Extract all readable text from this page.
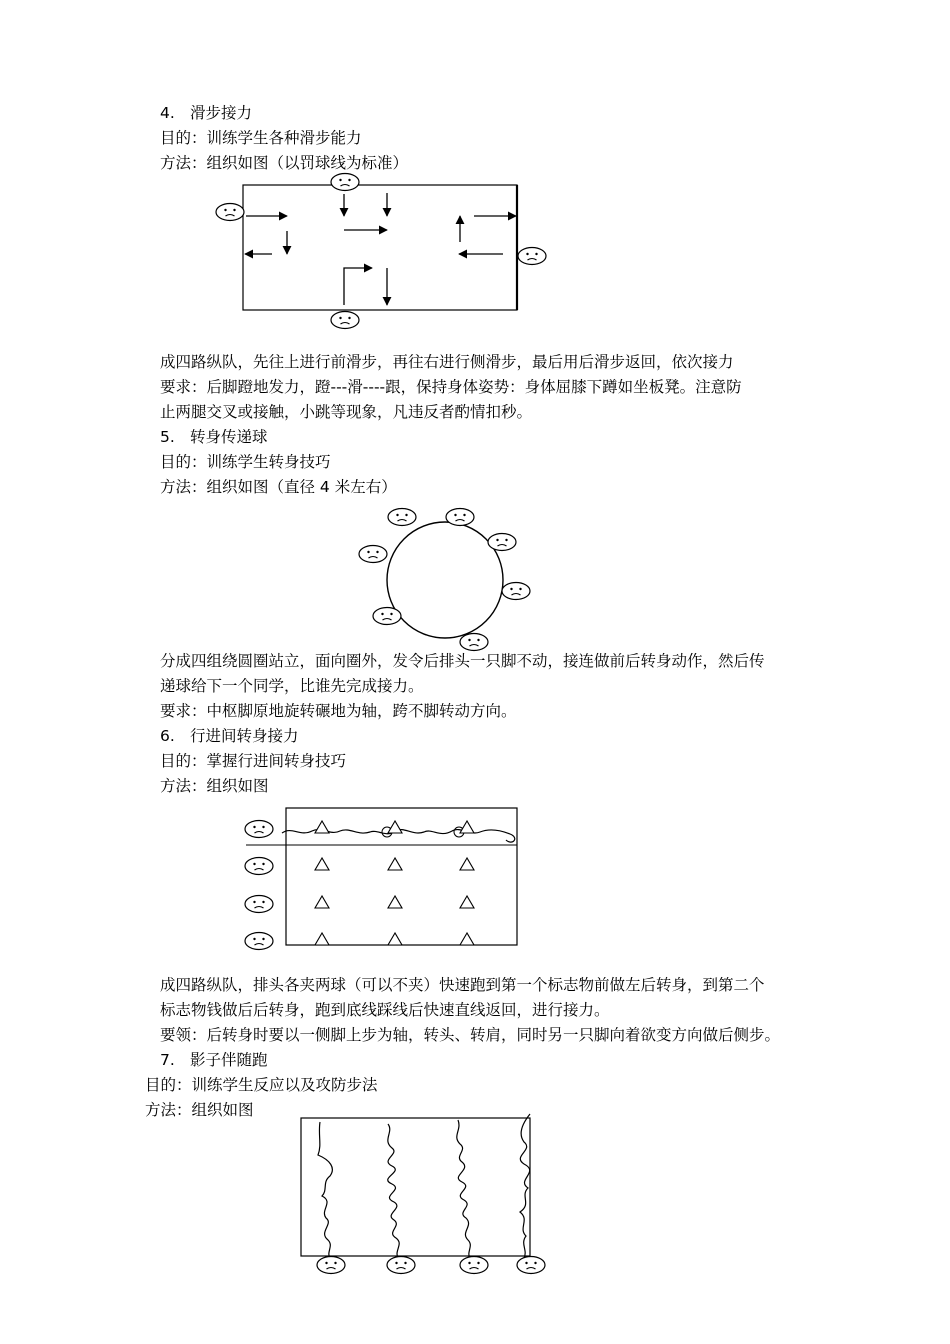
4. 滑步接力
目的：训练学生各种滑步能力
方法：组织如图（以罚球线为标准）
成四路纵队，先往上进行前滑步，再往右进行侧滑步，最后用后滑步返回，依次接力
要求：后脚蹬地发力，蹬---滑----跟，保持身体姿势：身体屈膝下蹲如坐板凳。注意防
止两腿交叉或接触，小跳等现象，凡违反者酌情扣秒。
5. 转身传递球
目的：训练学生转身技巧
方法：组织如图（直径 4 米左右）
分成四组绕圆圈站立，面向圈外，发令后排头一只脚不动，接连做前后转身动作，然后传
递球给下一个同学，比谁先完成接力。
要求：中枢脚原地旋转碾地为轴，跨不脚转动方向。
6. 行进间转身接力
目的：掌握行进间转身技巧
方法：组织如图
成四路纵队，排头各夹两球（可以不夹）快速跑到第一个标志物前做左后转身，到第二个
标志物钱做后后转身，跑到底线踩线后快速直线返回，进行接力。
要领：后转身时要以一侧脚上步为轴，转头、转肩，同时另一只脚向着欲变方向做后侧步。
7. 影子伴随跑
目的：训练学生反应以及攻防步法
方法：组织如图
